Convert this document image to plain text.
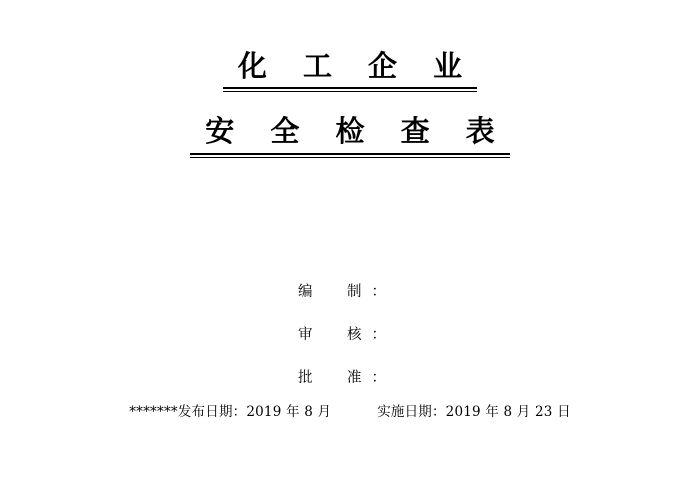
化 工 企 业
安 全 检 查 表
编　制：
审　核：
批　准：
*******发布日期：2019 年 8 月	实施日期：2019 年 8 月 23 日
